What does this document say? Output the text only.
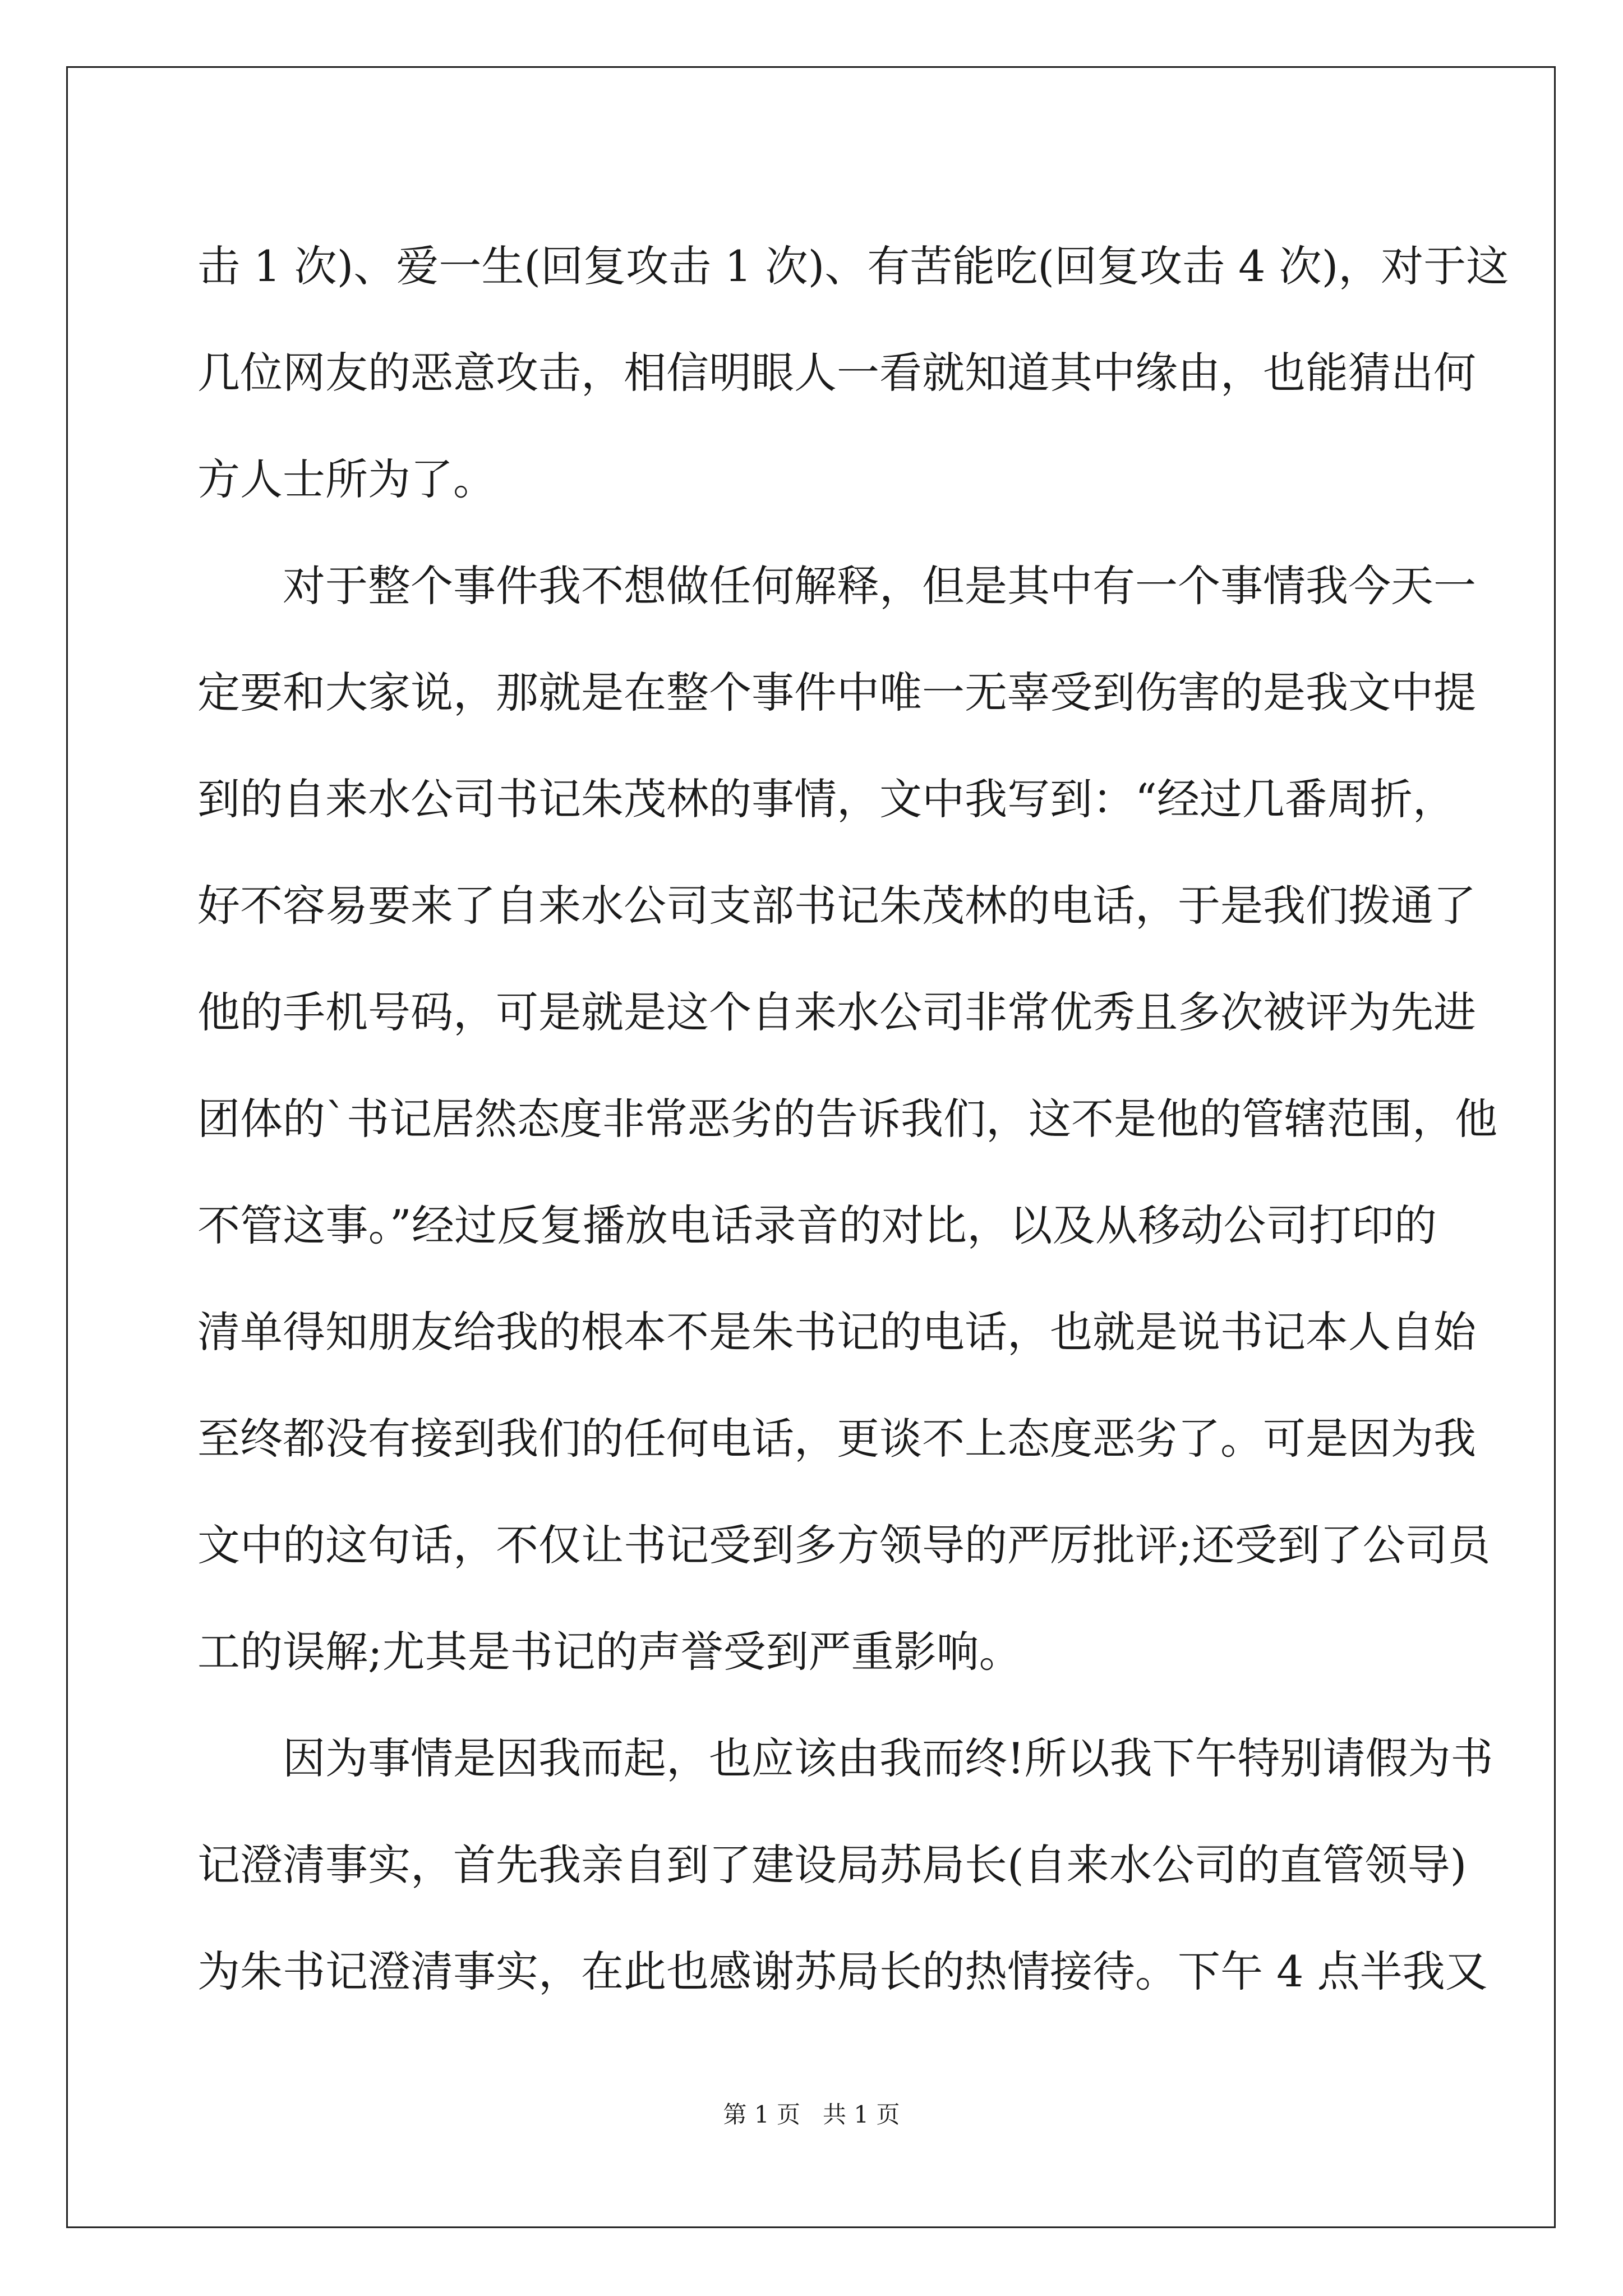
击 1 次)、爱一生(回复攻击 1 次)、有苦能吃(回复攻击 4 次)，对于这
几位网友的恶意攻击，相信明眼人一看就知道其中缘由，也能猜出何
方人士所为了。
　　对于整个事件我不想做任何解释，但是其中有一个事情我今天一
定要和大家说，那就是在整个事件中唯一无辜受到伤害的是我文中提
到的自来水公司书记朱茂林的事情，文中我写到：“经过几番周折，
好不容易要来了自来水公司支部书记朱茂林的电话，于是我们拨通了
他的手机号码，可是就是这个自来水公司非常优秀且多次被评为先进
团体的`书记居然态度非常恶劣的告诉我们，这不是他的管辖范围，他
不管这事。”经过反复播放电话录音的对比，以及从移动公司打印的
清单得知朋友给我的根本不是朱书记的电话，也就是说书记本人自始
至终都没有接到我们的任何电话，更谈不上态度恶劣了。可是因为我
文中的这句话，不仅让书记受到多方领导的严厉批评;还受到了公司员
工的误解;尤其是书记的声誉受到严重影响。
　　因为事情是因我而起，也应该由我而终!所以我下午特别请假为书
记澄清事实，首先我亲自到了建设局苏局长(自来水公司的直管领导)
为朱书记澄清事实，在此也感谢苏局长的热情接待。下午 4 点半我又
第 1 页   共 1 页
